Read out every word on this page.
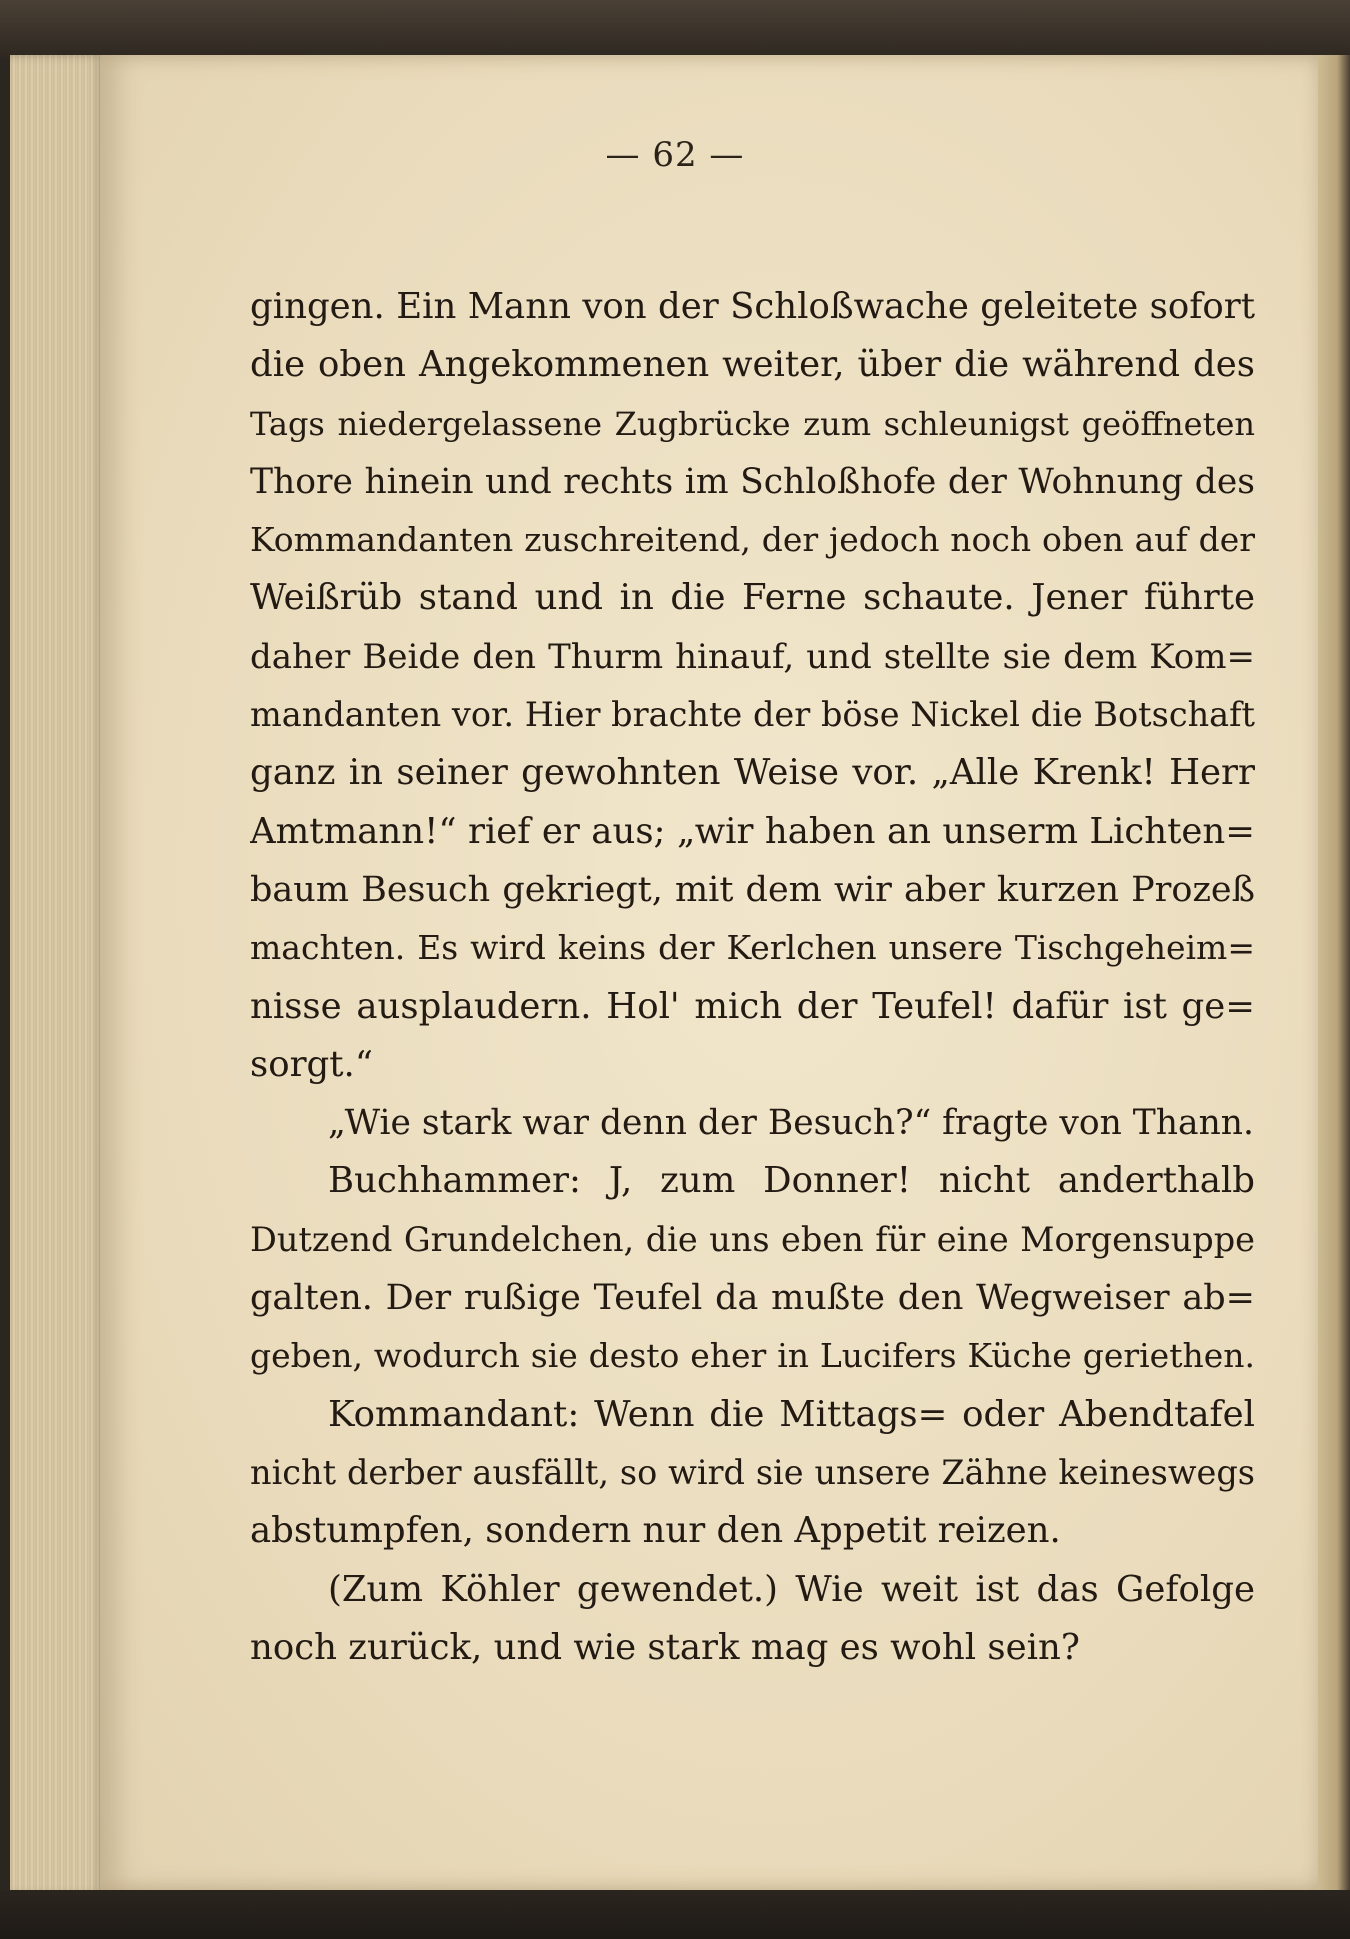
— 62 —
gingen. Ein Mann von der Schloßwache geleitete sofort
die oben Angekommenen weiter, über die während des
Tags niedergelassene Zugbrücke zum schleunigst geöffneten
Thore hinein und rechts im Schloßhofe der Wohnung des
Kommandanten zuschreitend, der jedoch noch oben auf der
Weißrüb stand und in die Ferne schaute. Jener führte
daher Beide den Thurm hinauf, und stellte sie dem Kom=
mandanten vor. Hier brachte der böse Nickel die Botschaft
ganz in seiner gewohnten Weise vor. „Alle Krenk! Herr
Amtmann!“ rief er aus; „wir haben an unserm Lichten=
baum Besuch gekriegt, mit dem wir aber kurzen Prozeß
machten. Es wird keins der Kerlchen unsere Tischgeheim=
nisse ausplaudern. Hol' mich der Teufel! dafür ist ge=
sorgt.“
„Wie stark war denn der Besuch?“ fragte von Thann.
Buchhammer: J, zum Donner! nicht anderthalb
Dutzend Grundelchen, die uns eben für eine Morgensuppe
galten. Der rußige Teufel da mußte den Wegweiser ab=
geben, wodurch sie desto eher in Lucifers Küche geriethen.
Kommandant: Wenn die Mittags= oder Abendtafel
nicht derber ausfällt, so wird sie unsere Zähne keineswegs
abstumpfen, sondern nur den Appetit reizen.
(Zum Köhler gewendet.) Wie weit ist das Gefolge
noch zurück, und wie stark mag es wohl sein?
